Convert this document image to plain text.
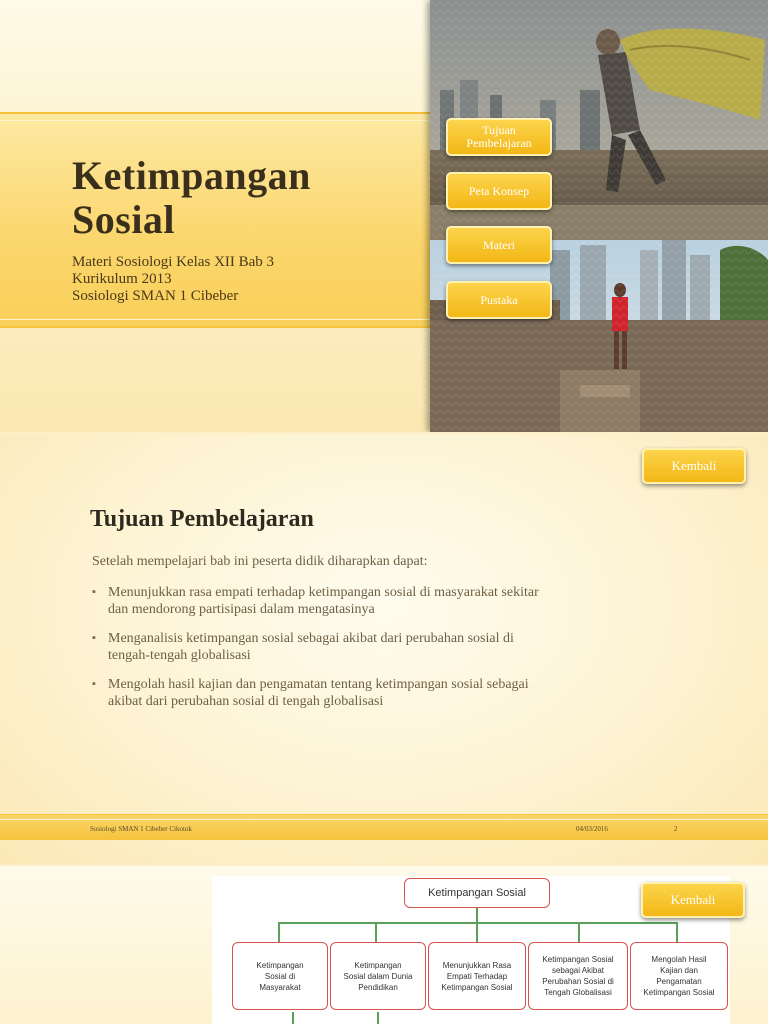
Ketimpangan
Sosial
Materi Sosiologi Kelas XII Bab 3
Kurikulum 2013
Sosiologi SMAN 1 Cibeber
Tujuan
Pembelajaran
Peta Konsep
Materi
Pustaka
Kembali
Tujuan Pembelajaran
Setelah mempelajari bab ini peserta didik diharapkan dapat:
▪ Menunjukkan rasa empati terhadap ketimpangan sosial di masyarakat sekitar
dan mendorong partisipasi dalam mengatasinya
▪ Menganalisis ketimpangan sosial sebagai akibat dari perubahan sosial di
tengah-tengah globalisasi
▪ Mengolah hasil kajian dan pengamatan tentang ketimpangan sosial sebagai
akibat dari perubahan sosial di tengah globalisasi
Sosiologi SMAN 1 Cibeber Cikotok	04/03/2016	2
Ketimpangan Sosial
Ketimpangan
Sosial di
Masyarakat
Ketimpangan
Sosial dalam Dunia
Pendidikan
Menunjukkan Rasa
Empati Terhadap
Ketimpangan Sosial
Ketimpangan Sosial
sebagai Akibat
Perubahan Sosial di
Tengah Globalisasi
Mengolah Hasil
Kajian dan
Pengamatan
Ketimpangan Sosial
Kembali
